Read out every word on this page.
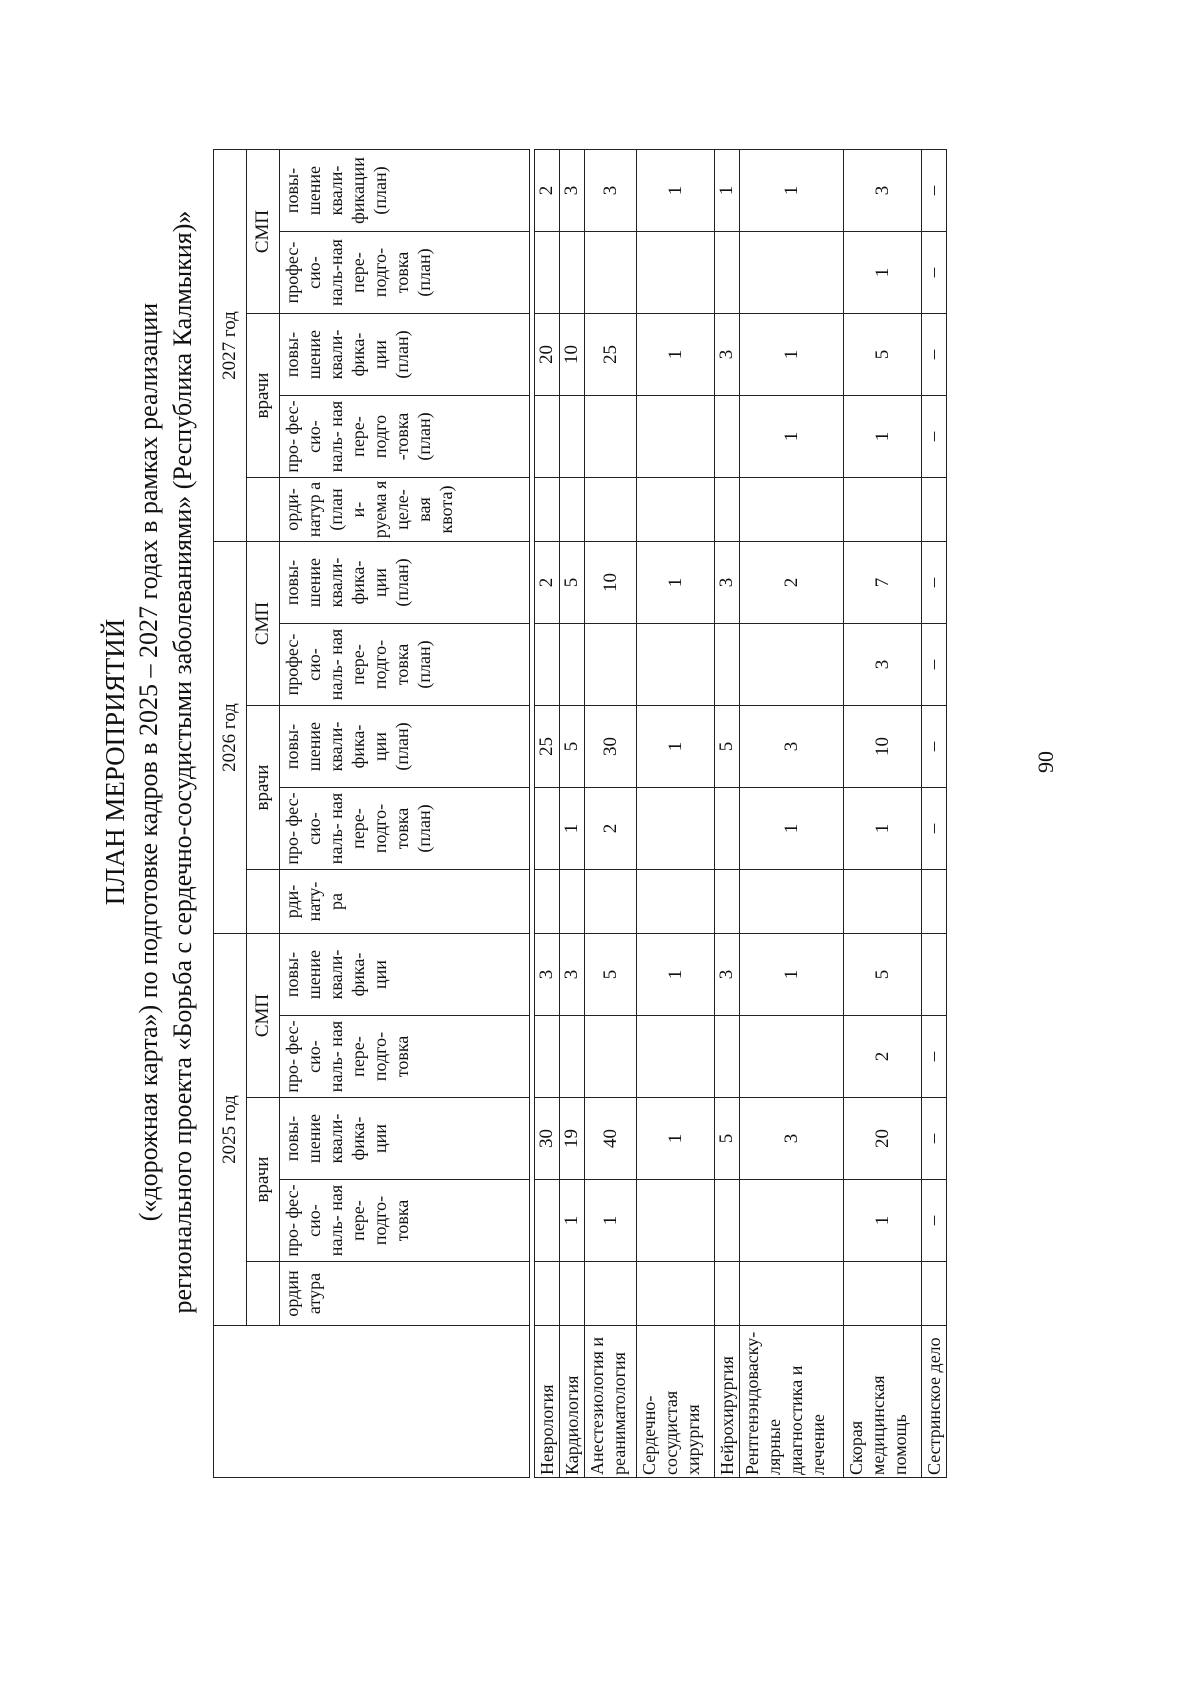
ПЛАН МЕРОПРИЯТИЙ («дорожная карта») по подготовке кадров в 2025 – 2027 годах в рамках реализации регионального проекта «Борьба с сердечно-сосудистыми заболеваниями» (Республика Калмыкия)»
	2025 год					2026 год					2027 год				
		врачи		СМП			врачи		СМП			врачи		СМП	
	ордин атура	про- фес- сио- наль- ная пере- подго- товка	повы- шение квали- фика- ции	про- фес- сио- наль- ная пере- подго- товка	повы- шение квали- фика- ции	рди- нату- ра	про- фес- сио- наль- ная пере- подго- товка (план)	повы- шение квали- фика- ции (план)	профес- сио- наль- ная пере- подго- товка (план)	повы- шение квали- фика- ции (план)	орди- натур а (план и- руема я целе- вая квота)	про- фес- сио- наль- ная пере- подго -товка (план)	повы- шение квали- фика- ции (план)	профес- сио- наль-ная пере- подго- товка (план)	повы- шение квали- фикации (план)

Неврология			30		3			25		2			20		2
Кардиология		1	19		3		1	5		5			10		3
Анестезиология и реаниматология		1	40		5		2	30		10			25		3
Сердечно- сосудистая хирургия			1		1			1		1			1		1
Нейрохирургия			5		3			5		3			3		1
Рентгенэндоваску- лярные диагностика и лечение			3		1		1	3		2		1	1		1
Скорая медицинская помощь		1	20	2	5		1	10	3	7		1	5	1	3
Сестринское дело		–	–	–			–	–	–	–		–	–	–	–
90
